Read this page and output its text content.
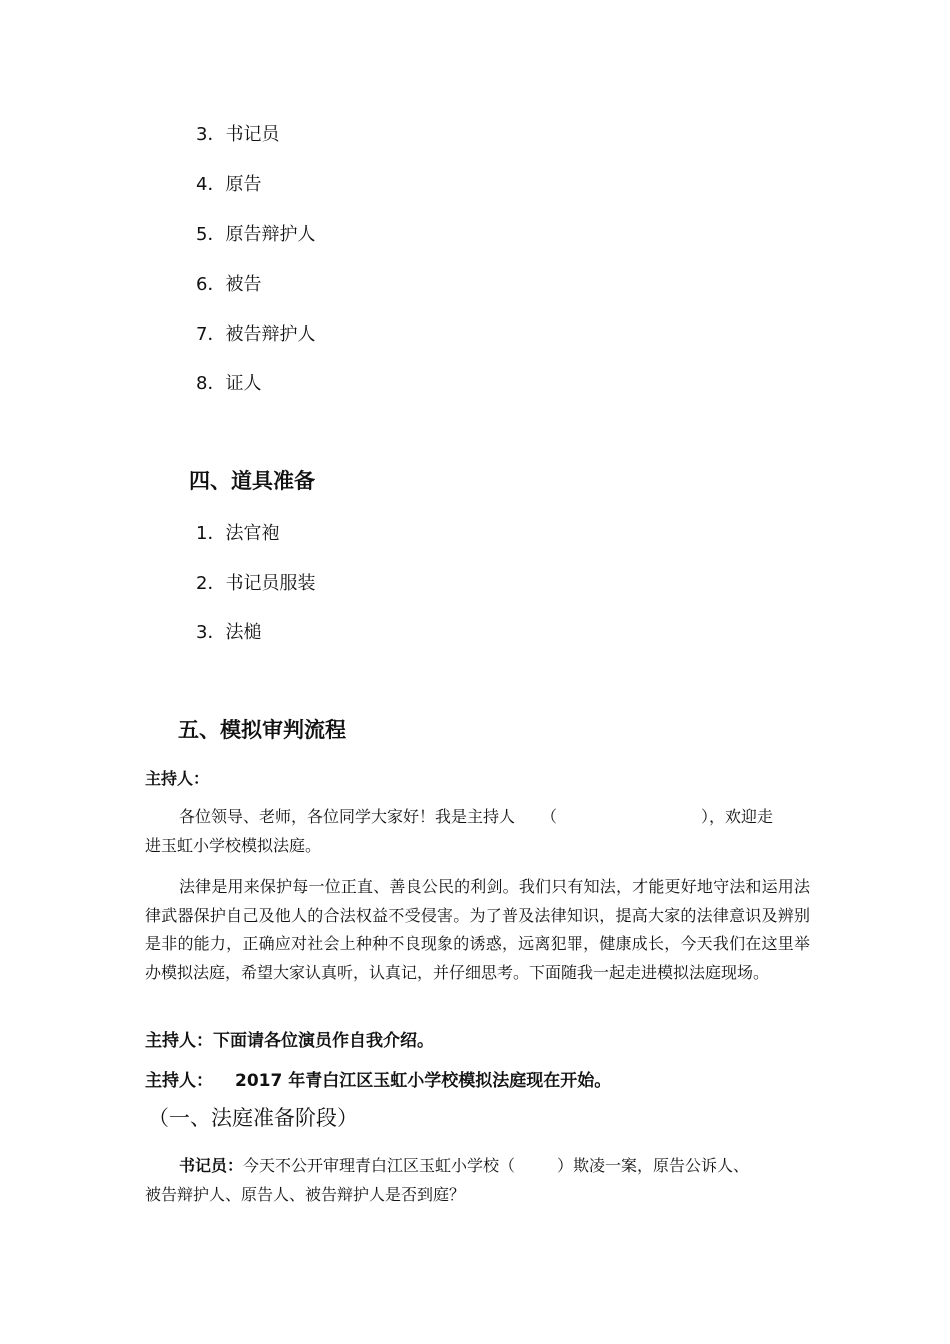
3．书记员
4．原告
5．原告辩护人
6．被告
7．被告辩护人
8．证人
四、道具准备
1．法官袍
2．书记员服装
3．法槌
五、模拟审判流程
主持人：
各位领导、老师，各位同学大家好！我是主持人 （	），欢迎走
进玉虹小学校模拟法庭。
法律是用来保护每一位正直、善良公民的利剑。我们只有知法，才能更好地守法和运用法律武器保护自己及他人的合法权益不受侵害。为了普及法律知识，提高大家的法律意识及辨别是非的能力，正确应对社会上种种不良现象的诱惑，远离犯罪，健康成长，今天我们在这里举办模拟法庭，希望大家认真听，认真记，并仔细思考。下面随我一起走进模拟法庭现场。
主持人：下面请各位演员作自我介绍。
主持人： 2017 年青白江区玉虹小学校模拟法庭现在开始。
（一、法庭准备阶段）
书记员：今天不公开审理青白江区玉虹小学校（	）欺凌一案，原告公诉人、
被告辩护人、原告人、被告辩护人是否到庭？
